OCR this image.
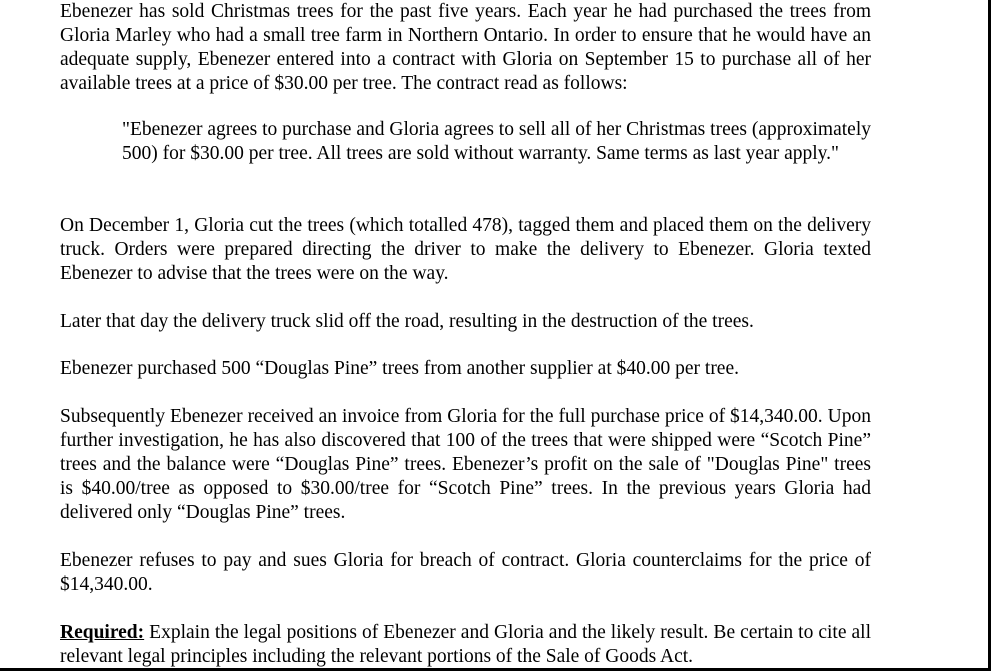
Ebenezer has sold Christmas trees for the past five years. Each year he had purchased the trees from Gloria Marley who had a small tree farm in Northern Ontario. In order to ensure that he would have an adequate supply, Ebenezer entered into a contract with Gloria on September 15 to purchase all of her available trees at a price of $30.00 per tree. The contract read as follows:

"Ebenezer agrees to purchase and Gloria agrees to sell all of her Christmas trees (approximately 500) for $30.00 per tree. All trees are sold without warranty. Same terms as last year apply."

On December 1, Gloria cut the trees (which totalled 478), tagged them and placed them on the delivery truck. Orders were prepared directing the driver to make the delivery to Ebenezer. Gloria texted Ebenezer to advise that the trees were on the way.

Later that day the delivery truck slid off the road, resulting in the destruction of the trees.

Ebenezer purchased 500 “Douglas Pine” trees from another supplier at $40.00 per tree.

Subsequently Ebenezer received an invoice from Gloria for the full purchase price of $14,340.00. Upon further investigation, he has also discovered that 100 of the trees that were shipped were “Scotch Pine” trees and the balance were “Douglas Pine” trees. Ebenezer’s profit on the sale of "Douglas Pine" trees is $40.00/tree as opposed to $30.00/tree for “Scotch Pine” trees. In the previous years Gloria had delivered only “Douglas Pine” trees.

Ebenezer refuses to pay and sues Gloria for breach of contract. Gloria counterclaims for the price of $14,340.00.

Required: Explain the legal positions of Ebenezer and Gloria and the likely result. Be certain to cite all relevant legal principles including the relevant portions of the Sale of Goods Act.
